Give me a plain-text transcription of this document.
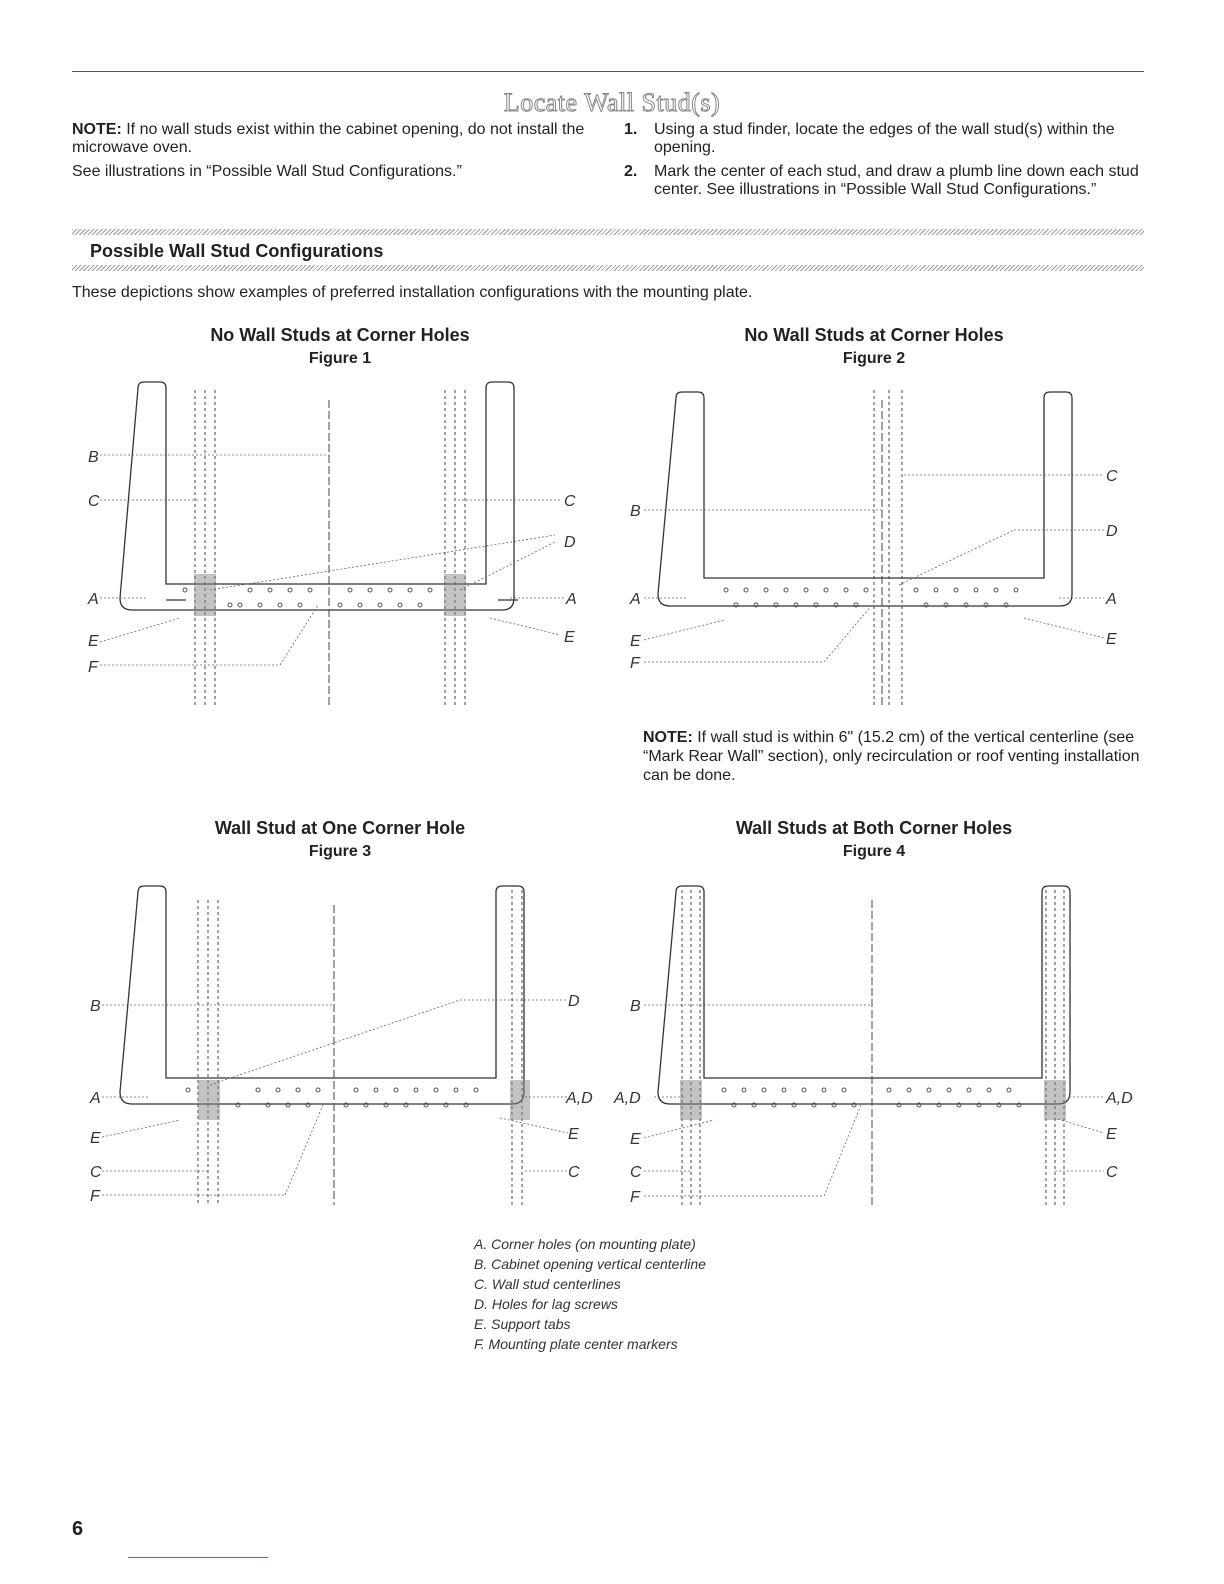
Locate Wall Stud(s)

NOTE: If no wall studs exist within the cabinet opening, do not install the microwave oven.

See illustrations in “Possible Wall Stud Configurations.”

1.	Using a stud finder, locate the edges of the wall stud(s) within the opening.
2.	Mark the center of each stud, and draw a plumb line down each stud center. See illustrations in “Possible Wall Stud Configurations.”
Possible Wall Stud Configurations
These depictions show examples of preferred installation configurations with the mounting plate.
No Wall Studs at Corner Holes
Figure 1
No Wall Studs at Corner Holes
Figure 2
Wall Stud at One Corner Hole
Figure 3
Wall Studs at Both Corner Holes
Figure 4
B
C	C
D
A	A
E	E
F
B
C
D
A	A
E	E
F
NOTE: If wall stud is within 6" (15.2 cm) of the vertical centerline (see “Mark Rear Wall” section), only recirculation or roof venting installation can be done.
B	D
A	A,D
E	E
C	C
F
B
A,D	A,D
E	E
C	C
F
A. Corner holes (on mounting plate)
B. Cabinet opening vertical centerline
C. Wall stud centerlines
D. Holes for lag screws
E. Support tabs
F. Mounting plate center markers
6
